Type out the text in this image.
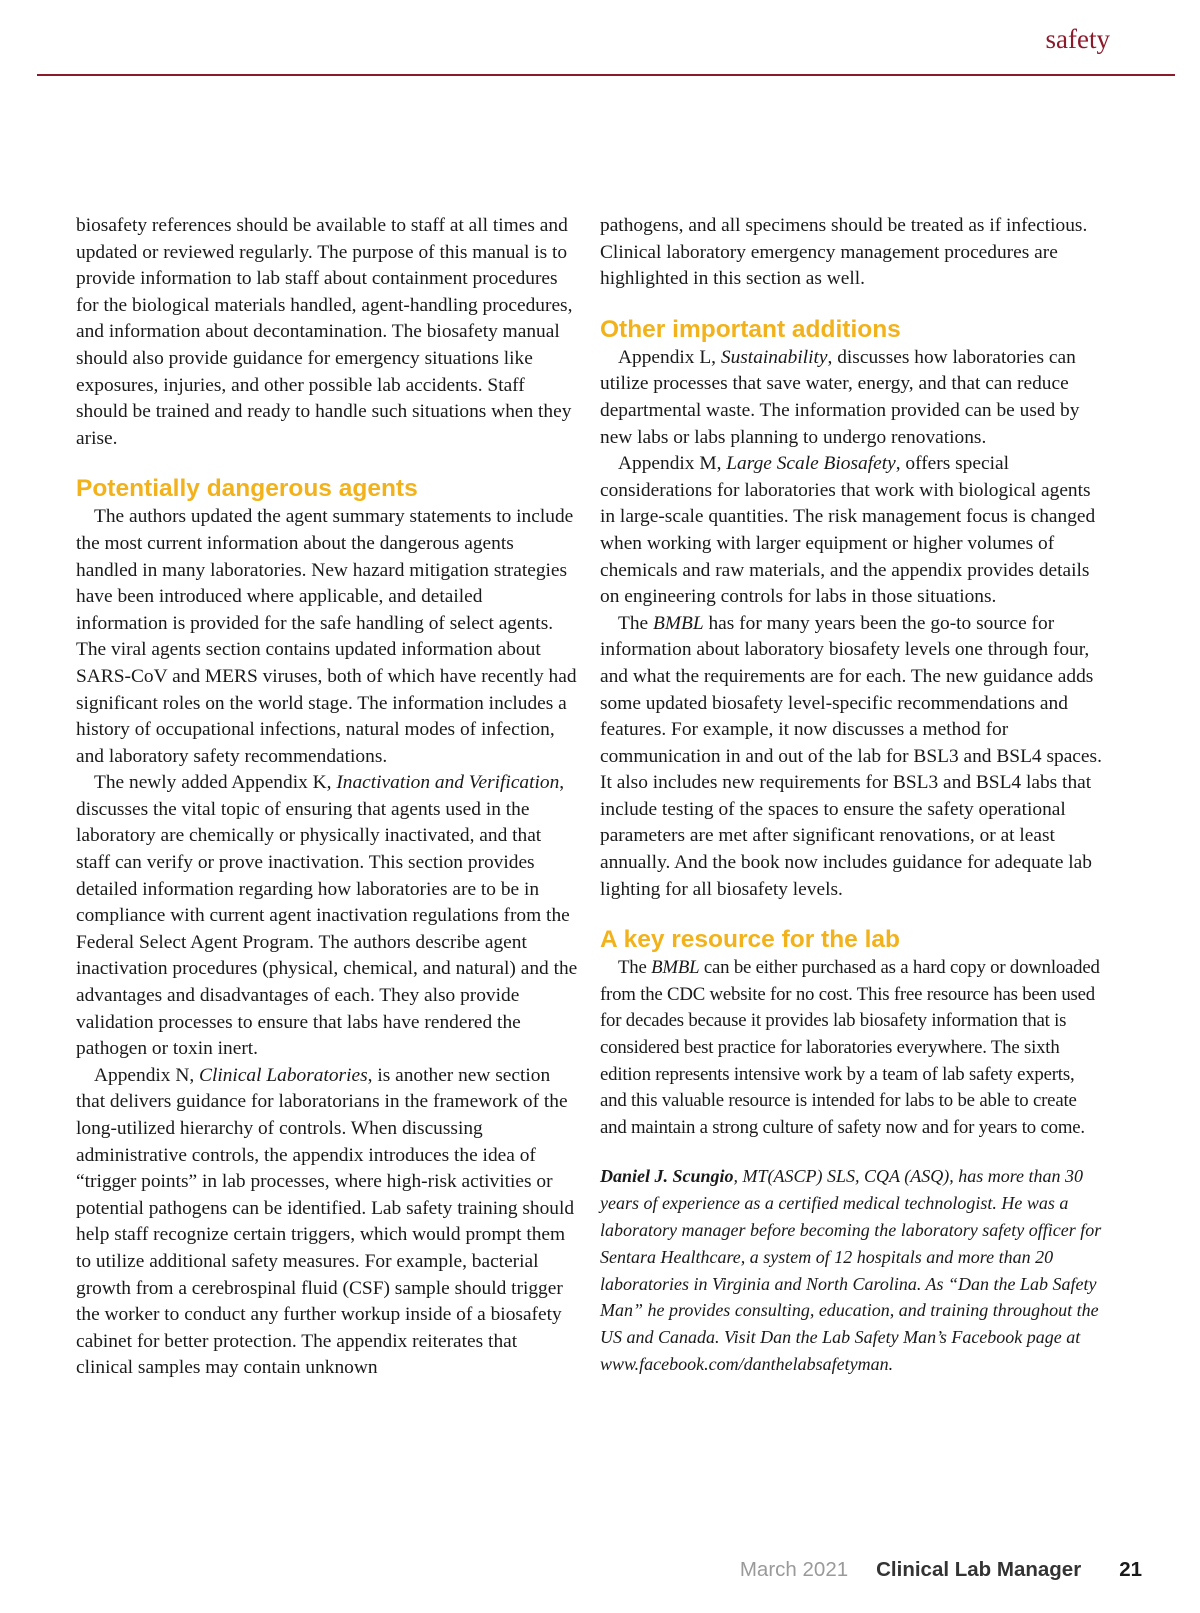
safety

biosafety references should be available to staff at all times and updated or reviewed regularly. The purpose of this manual is to provide information to lab staff about containment procedures for the biological materials handled, agent-handling procedures, and information about decontamination. The biosafety manual should also provide guidance for emergency situations like exposures, injuries, and other possible lab accidents. Staff should be trained and ready to handle such situations when they arise.

Potentially dangerous agents

The authors updated the agent summary statements to include the most current information about the dangerous agents handled in many laboratories. New hazard mitigation strategies have been introduced where applicable, and detailed information is provided for the safe handling of select agents. The viral agents section contains updated information about SARS-CoV and MERS viruses, both of which have recently had significant roles on the world stage. The information includes a history of occupational infections, natural modes of infection, and laboratory safety recommendations.

The newly added Appendix K, Inactivation and Verification, discusses the vital topic of ensuring that agents used in the laboratory are chemically or physically inactivated, and that staff can verify or prove inactivation. This section provides detailed information regarding how laboratories are to be in compliance with current agent inactivation regulations from the Federal Select Agent Program. The authors describe agent inactivation procedures (physical, chemical, and natural) and the advantages and disadvantages of each. They also provide validation processes to ensure that labs have rendered the pathogen or toxin inert.

Appendix N, Clinical Laboratories, is another new section that delivers guidance for laboratorians in the framework of the long-utilized hierarchy of controls. When discussing administrative controls, the appendix introduces the idea of “trigger points” in lab processes, where high-risk activities or potential pathogens can be identified. Lab safety training should help staff recognize certain triggers, which would prompt them to utilize additional safety measures. For example, bacterial growth from a cerebrospinal fluid (CSF) sample should trigger the worker to conduct any further workup inside of a biosafety cabinet for better protection. The appendix reiterates that clinical samples may contain unknown

pathogens, and all specimens should be treated as if infectious. Clinical laboratory emergency management procedures are highlighted in this section as well.

Other important additions

Appendix L, Sustainability, discusses how laboratories can utilize processes that save water, energy, and that can reduce departmental waste. The information provided can be used by new labs or labs planning to undergo renovations.

Appendix M, Large Scale Biosafety, offers special considerations for laboratories that work with biological agents in large-scale quantities. The risk management focus is changed when working with larger equipment or higher volumes of chemicals and raw materials, and the appendix provides details on engineering controls for labs in those situations.

The BMBL has for many years been the go-to source for information about laboratory biosafety levels one through four, and what the requirements are for each. The new guidance adds some updated biosafety level-specific recommendations and features. For example, it now discusses a method for communication in and out of the lab for BSL3 and BSL4 spaces. It also includes new requirements for BSL3 and BSL4 labs that include testing of the spaces to ensure the safety operational parameters are met after significant renovations, or at least annually. And the book now includes guidance for adequate lab lighting for all biosafety levels.

A key resource for the lab

The BMBL can be either purchased as a hard copy or downloaded from the CDC website for no cost. This free resource has been used for decades because it provides lab biosafety information that is considered best practice for laboratories everywhere. The sixth edition represents intensive work by a team of lab safety experts, and this valuable resource is intended for labs to be able to create and maintain a strong culture of safety now and for years to come.

Daniel J. Scungio, MT(ASCP) SLS, CQA (ASQ), has more than 30 years of experience as a certified medical technologist. He was a laboratory manager before becoming the laboratory safety officer for Sentara Healthcare, a system of 12 hospitals and more than 20 laboratories in Virginia and North Carolina. As “Dan the Lab Safety Man” he provides consulting, education, and training throughout the US and Canada. Visit Dan the Lab Safety Man’s Facebook page at www.facebook.com/danthelabsafetyman.
March 2021 Clinical Lab Manager 21
